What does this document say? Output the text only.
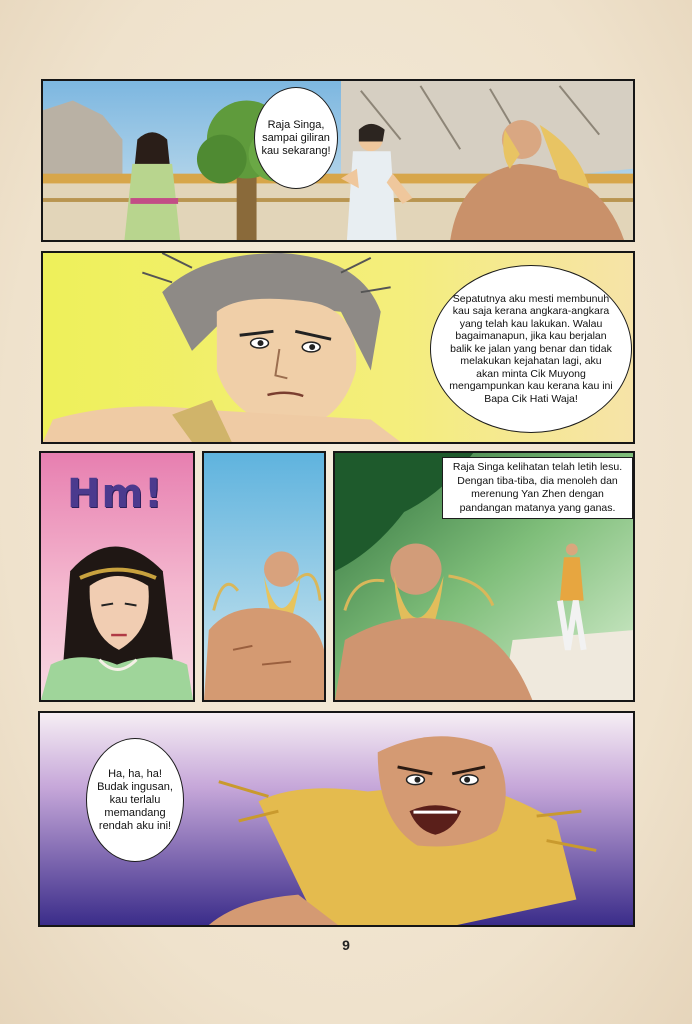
Raja Singa, sampai giliran kau sekarang!
Sepatutnya aku mesti membunuh kau saja kerana angkara-angkara yang telah kau lakukan. Walau bagaimanapun, jika kau berjalan balik ke jalan yang benar dan tidak melakukan kejahatan lagi, aku akan minta Cik Muyong mengampunkan kau kerana kau ini Bapa Cik Hati Waja!
Hm!
Raja Singa kelihatan telah letih lesu. Dengan tiba-tiba, dia menoleh dan merenung Yan Zhen dengan pandangan matanya yang ganas.
Ha, ha, ha! Budak ingusan, kau terlalu memandang rendah aku ini!
9
